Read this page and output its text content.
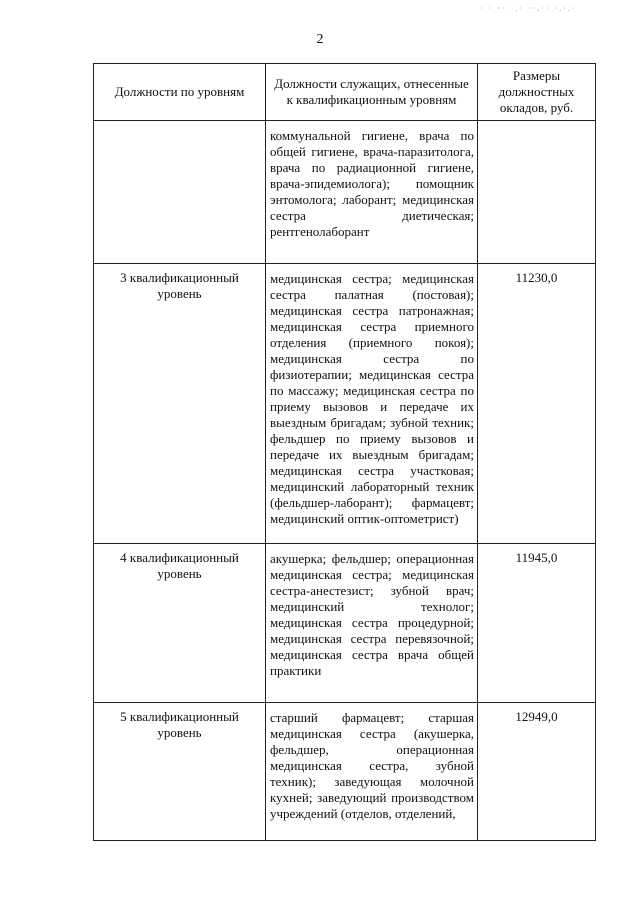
2
· · ·· ·.· ··.·· ·.·.·
Должности по уровням	Должности служащих, отнесенные к квалификационным уровням	Размеры должностных окладов, руб.
	коммунальной гигиене, врача по общей гигиене, врача-паразитолога, врача по радиационной гигиене, врача-эпидемиолога); помощник энтомолога; лаборант; медицинская сестра диетическая; рентгенолаборант	
3 квалификационный уровень	медицинская сестра; медицинская сестра палатная (постовая); медицинская сестра патронажная; медицинская сестра приемного отделения (приемного покоя); медицинская сестра по физиотерапии; медицинская сестра по массажу; медицинская сестра по приему вызовов и передаче их выездным бригадам; зубной техник; фельдшер по приему вызовов и передаче их выездным бригадам; медицинская сестра участковая; медицинский лабораторный техник (фельдшер-лаборант); фармацевт; медицинский оптик-оптометрист)	11230,0
4 квалификационный уровень	акушерка; фельдшер; операционная медицинская сестра; медицинская сестра-анестезист; зубной врач; медицинский технолог; медицинская сестра процедурной; медицинская сестра перевязочной; медицинская сестра врача общей практики	11945,0
5 квалификационный уровень	старший фармацевт; старшая медицинская сестра (акушерка, фельдшер, операционная медицинская сестра, зубной техник); заведующая молочной кухней; заведующий производством учреждений (отделов, отделений,	12949,0
